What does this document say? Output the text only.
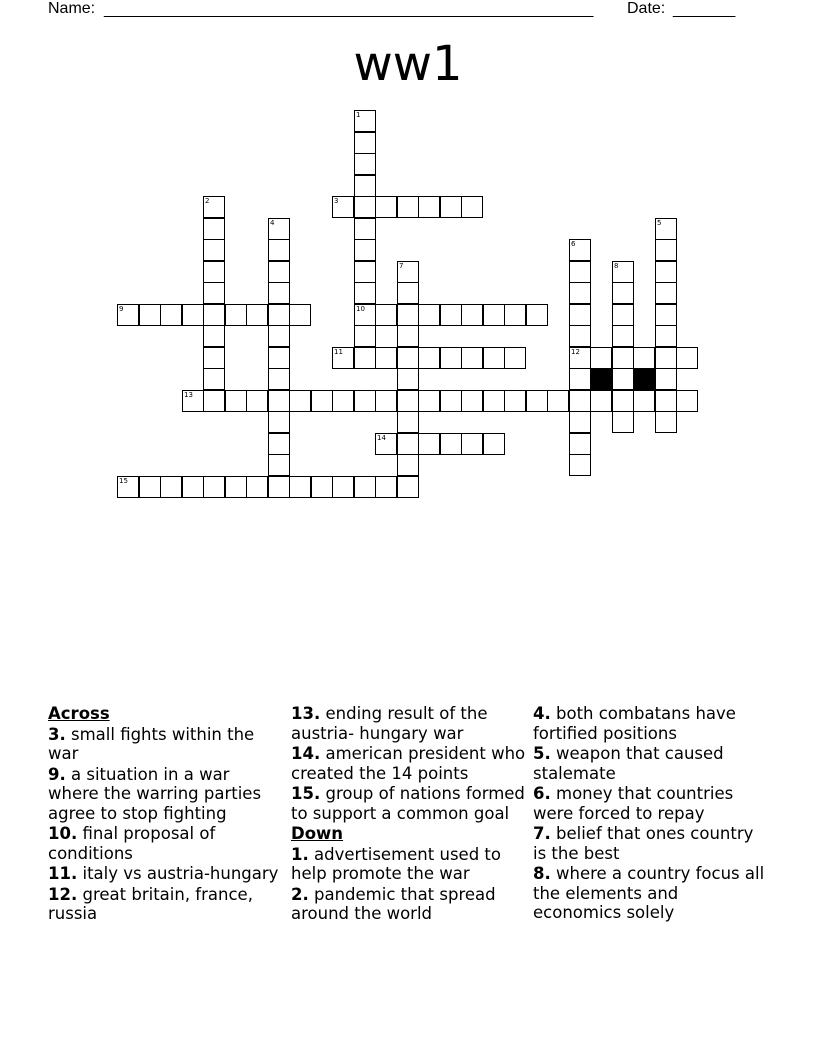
Name: _______________________________________________________ Date: _______
ww1
3
9	10
11	12
13
14
15
1
2
4	5
6
7	8
Across
3. small fights within the war
9. a situation in a war where the warring parties agree to stop fighting
10. final proposal of conditions
11. italy vs austria-hungary
12. great britain, france, russia
13. ending result of the austria- hungary war
14. american president who created the 14 points
15. group of nations formed to support a common goal
Down
1. advertisement used to help promote the war
2. pandemic that spread around the world
4. both combatans have fortified positions
5. weapon that caused stalemate
6. money that countries were forced to repay
7. belief that ones country is the best
8. where a country focus all the elements and economics solely
